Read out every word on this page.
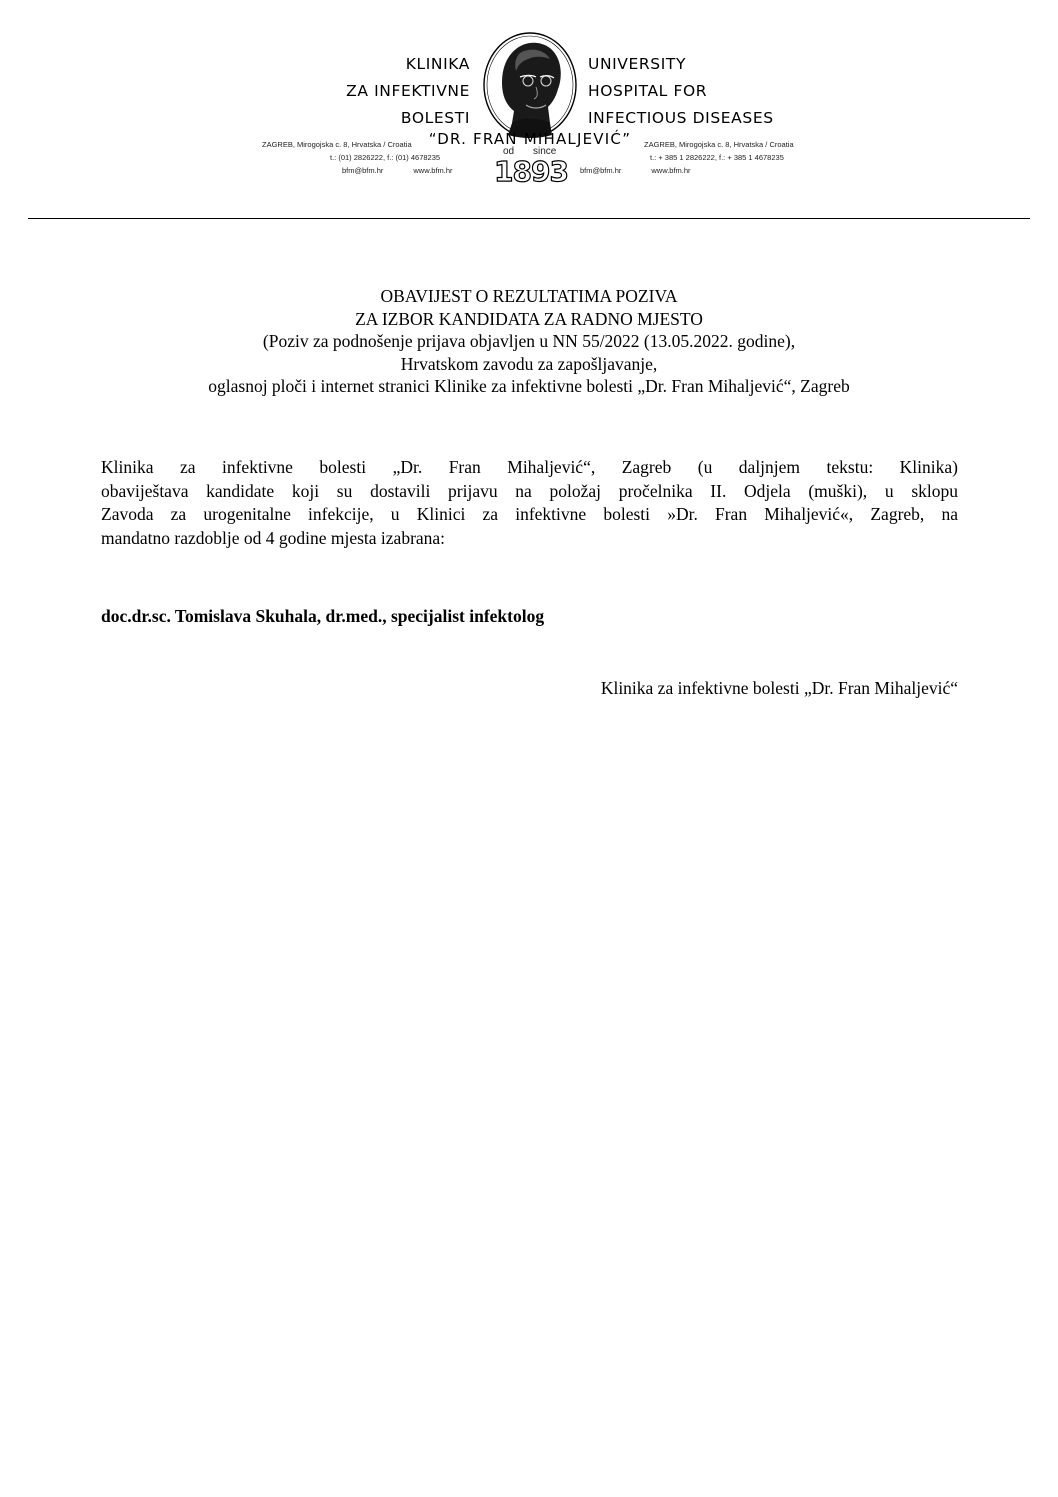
KLINIKA
ZA INFEKTIVNE
BOLESTI
UNIVERSITY
HOSPITAL FOR
INFECTIOUS DISEASES
“DR. FRAN MIHALJEVIĆ”
ZAGREB, Mirogojska c. 8, Hrvatska / Croatia
t.: (01) 2826222, f.: (01) 4678235
bfm@bfm.hr	www.bfm.hr
od since
1893
ZAGREB, Mirogojska c. 8, Hrvatska / Croatia
t.: + 385 1 2826222, f.: + 385 1 4678235
bfm@bfm.hr	www.bfm.hr
OBAVIJEST O REZULTATIMA POZIVA
ZA IZBOR KANDIDATA ZA RADNO MJESTO
(Poziv za podnošenje prijava objavljen u NN 55/2022 (13.05.2022. godine),
Hrvatskom zavodu za zapošljavanje,
oglasnoj ploči i internet stranici Klinike za infektivne bolesti „Dr. Fran Mihaljević“, Zagreb
Klinika za infektivne bolesti „Dr. Fran Mihaljević“, Zagreb (u daljnjem tekstu: Klinika)
obaviještava kandidate koji su dostavili prijavu na položaj pročelnika II. Odjela (muški), u sklopu
Zavoda za urogenitalne infekcije, u Klinici za infektivne bolesti »Dr. Fran Mihaljević«, Zagreb, na
mandatno razdoblje od 4 godine mjesta izabrana:
doc.dr.sc. Tomislava Skuhala, dr.med., specijalist infektolog
Klinika za infektivne bolesti „Dr. Fran Mihaljević“
